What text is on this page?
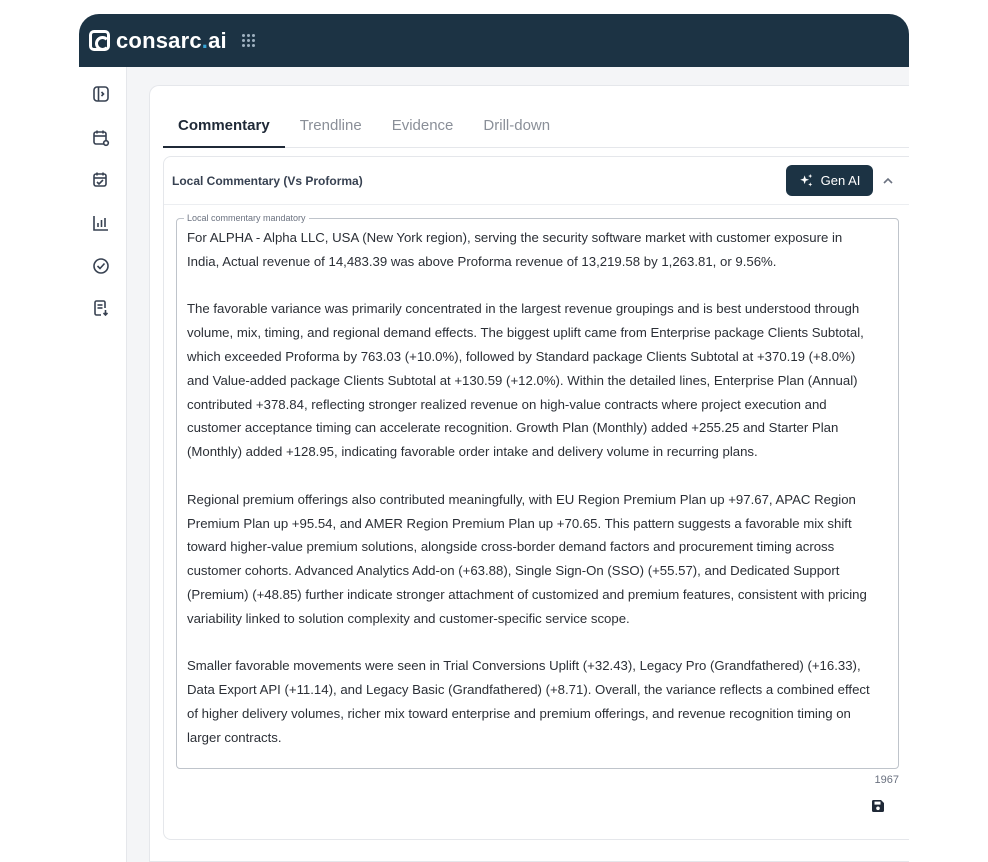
consarc.ai
Commentary	Trendline	Evidence	Drill-down
Local Commentary (Vs Proforma)	Gen AI
Local commentary mandatory

For ALPHA - Alpha LLC, USA (New York region), serving the security software market with customer exposure in India, Actual revenue of 14,483.39 was above Proforma revenue of 13,219.58 by 1,263.81, or 9.56%.

The favorable variance was primarily concentrated in the largest revenue groupings and is best understood through volume, mix, timing, and regional demand effects. The biggest uplift came from Enterprise package Clients Subtotal, which exceeded Proforma by 763.03 (+10.0%), followed by Standard package Clients Subtotal at +370.19 (+8.0%) and Value-added package Clients Subtotal at +130.59 (+12.0%). Within the detailed lines, Enterprise Plan (Annual) contributed +378.84, reflecting stronger realized revenue on high-value contracts where project execution and customer acceptance timing can accelerate recognition. Growth Plan (Monthly) added +255.25 and Starter Plan (Monthly) added +128.95, indicating favorable order intake and delivery volume in recurring plans.

Regional premium offerings also contributed meaningfully, with EU Region Premium Plan up +97.67, APAC Region Premium Plan up +95.54, and AMER Region Premium Plan up +70.65. This pattern suggests a favorable mix shift toward higher-value premium solutions, alongside cross-border demand factors and procurement timing across customer cohorts. Advanced Analytics Add-on (+63.88), Single Sign-On (SSO) (+55.57), and Dedicated Support (Premium) (+48.85) further indicate stronger attachment of customized and premium features, consistent with pricing variability linked to solution complexity and customer-specific service scope.

Smaller favorable movements were seen in Trial Conversions Uplift (+32.43), Legacy Pro (Grandfathered) (+16.33), Data Export API (+11.14), and Legacy Basic (Grandfathered) (+8.71). Overall, the variance reflects a combined effect of higher delivery volumes, richer mix toward enterprise and premium offerings, and revenue recognition timing on larger contracts.

1967
